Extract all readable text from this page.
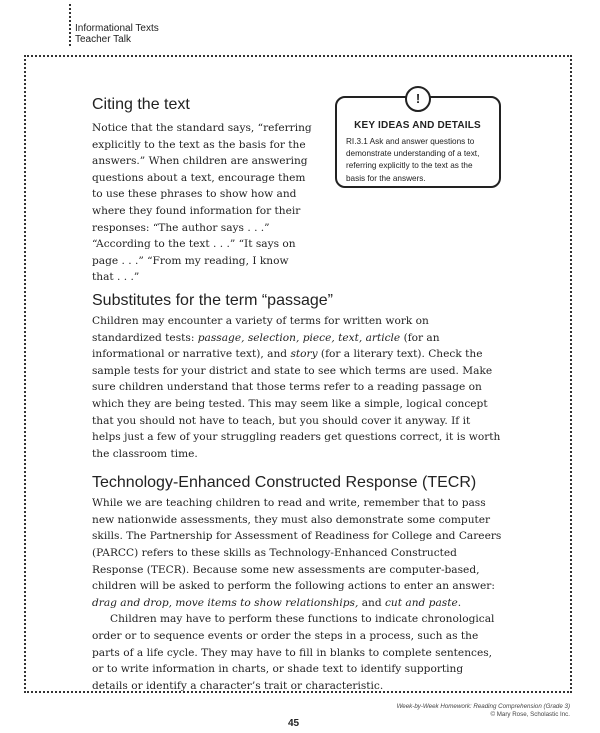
Informational Texts
Teacher Talk
!
KEY IDEAS AND DETAILS
RI.3.1 Ask and answer questions to demonstrate understanding of a text, referring explicitly to the text as the basis for the answers.
Citing the text

Notice that the standard says, “referring explicitly to the text as the basis for the answers.” When children are answering questions about a text, encourage them to use these phrases to show how and where they found information for their responses: “The author says . . .” “According to the text . . .” “It says on page . . .” “From my reading, I know that . . .”

Substitutes for the term “passage”

Children may encounter a variety of terms for written work on standardized tests: passage, selection, piece, text, article (for an informational or narrative text), and story (for a literary text). Check the sample tests for your district and state to see which terms are used. Make sure children understand that those terms refer to a reading passage on which they are being tested. This may seem like a simple, logical concept that you should not have to teach, but you should cover it anyway. If it helps just a few of your struggling readers get questions correct, it is worth the classroom time.

Technology-Enhanced Constructed Response (TECR)

While we are teaching children to read and write, remember that to pass new nationwide assessments, they must also demonstrate some computer skills. The Partnership for Assessment of Readiness for College and Careers (PARCC) refers to these skills as Technology-Enhanced Constructed Response (TECR). Because some new assessments are computer-based, children will be asked to perform the following actions to enter an answer: drag and drop, move items to show relationships, and cut and paste.

Children may have to perform these functions to indicate chronological order or to sequence events or order the steps in a process, such as the parts of a life cycle. They may have to fill in blanks to complete sentences, or to write information in charts, or shade text to identify supporting details or identify a character’s trait or characteristic.

Week-by-Week Homework: Reading Comprehension (Grade 3)
© Mary Rose, Scholastic Inc.
45
